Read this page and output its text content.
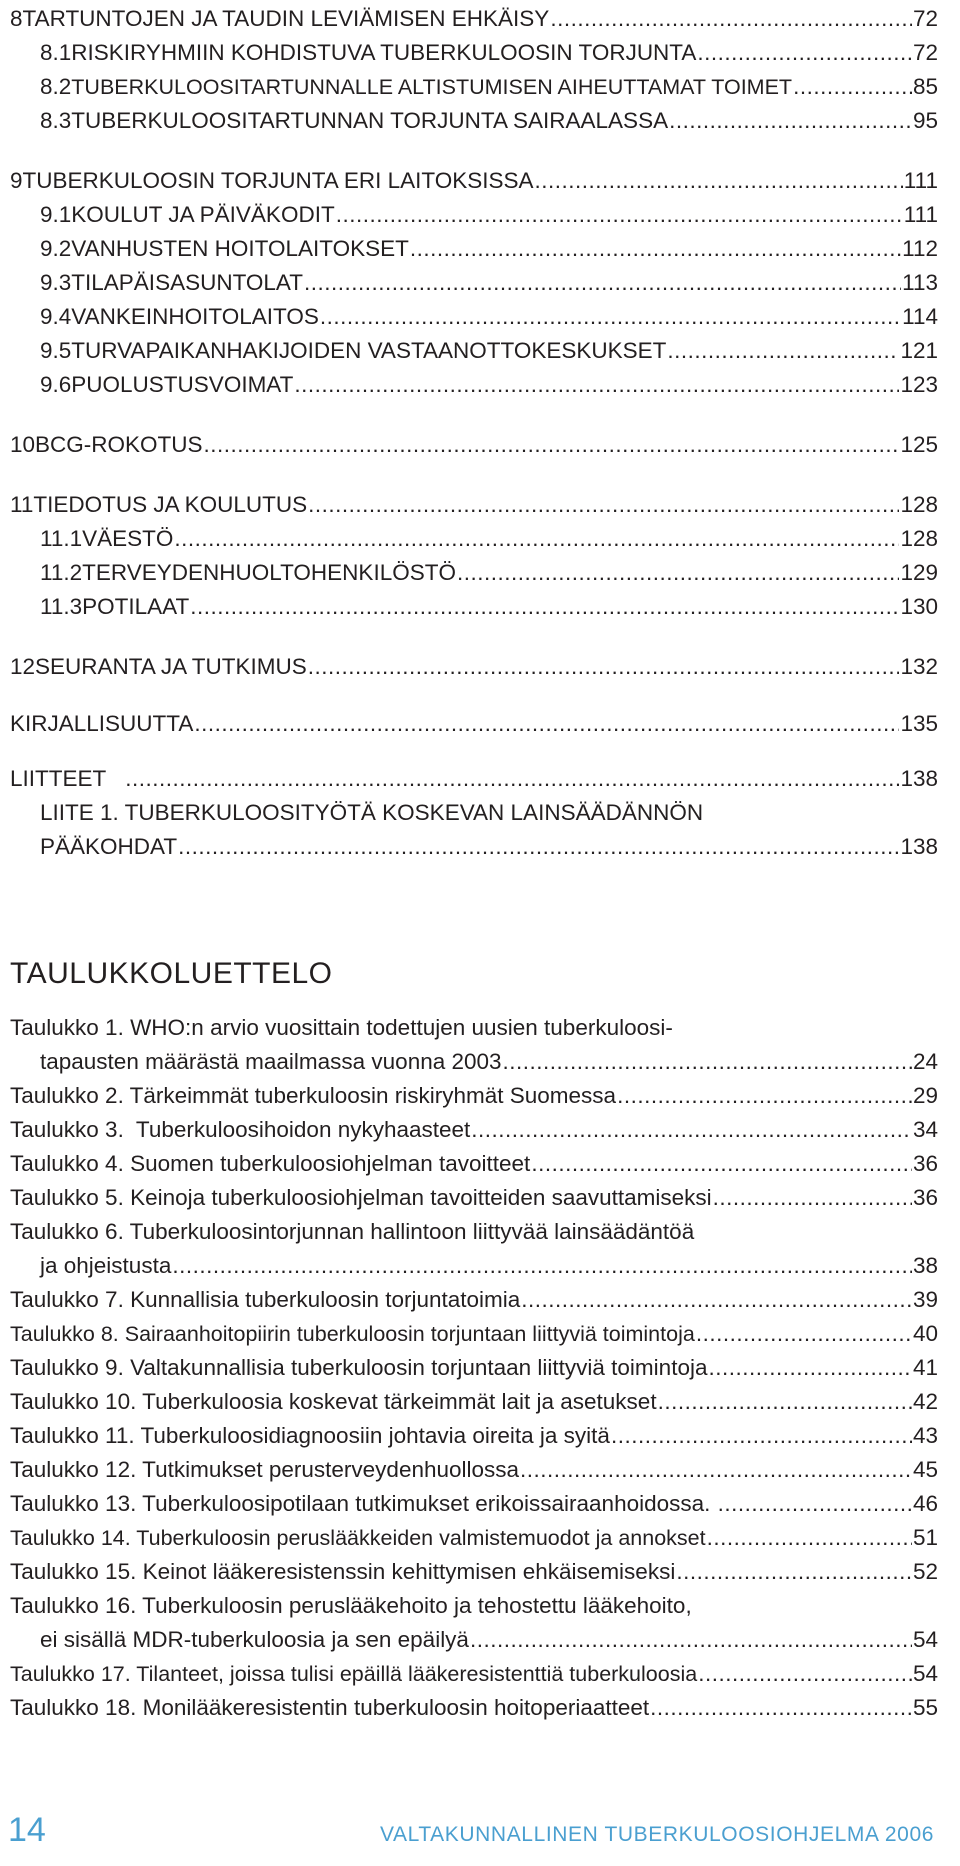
8 TARTUNTOJEN JA TAUDIN LEVIÄMISEN EHKÄISY .....	72
8.1 RISKIRYHMIIN KOHDISTUVA TUBERKULOOSIN TORJUNTA .....	72
8.2 TUBERKULOOSITARTUNNALLE ALTISTUMISEN AIHEUTTAMAT TOIMET .....	85
8.3 TUBERKULOOSITARTUNNAN TORJUNTA SAIRAALASSA .....	95
9 TUBERKULOOSIN TORJUNTA ERI LAITOKSISSA .....	111
9.1 KOULUT JA PÄIVÄKODIT .....	111
9.2 VANHUSTEN HOITOLAITOKSET .....	112
9.3 TILAPÄISASUNTOLAT .....	113
9.4 VANKEINHOITOLAITOS .....	114
9.5 TURVAPAIKANHAKIJOIDEN VASTAANOTTOKESKUKSET .....	121
9.6 PUOLUSTUSVOIMAT .....	123
10 BCG-ROKOTUS .....	125
11 TIEDOTUS JA KOULUTUS .....	128
11.1 VÄESTÖ .....	128
11.2 TERVEYDENHUOLTOHENKILÖSTÖ .....	129
11.3 POTILAAT .....	130
12 SEURANTA JA TUTKIMUS .....	132
KIRJALLISUUTTA .....	135
LIITTEET .....	138
LIITE 1. TUBERKULOOSITYÖTÄ KOSKEVAN LAINSÄÄDÄNNÖN
PÄÄKOHDAT .....	138
TAULUKKOLUETTELO
Taulukko 1. WHO:n arvio vuosittain todettujen uusien tuberkuloosi-
tapausten määrästä maailmassa vuonna 2003 .....	24
Taulukko 2. Tärkeimmät tuberkuloosin riskiryhmät Suomessa .....	29
Taulukko 3.  Tuberkuloosihoidon nykyhaasteet .....	34
Taulukko 4. Suomen tuberkuloosiohjelman tavoitteet .....	36
Taulukko 5. Keinoja tuberkuloosiohjelman tavoitteiden saavuttamiseksi .....	36
Taulukko 6. Tuberkuloosintorjunnan hallintoon liittyvää lainsäädäntöä
ja ohjeistusta .....	38
Taulukko 7. Kunnallisia tuberkuloosin torjuntatoimia .....	39
Taulukko 8. Sairaanhoitopiirin tuberkuloosin torjuntaan liittyviä toimintoja .....	40
Taulukko 9. Valtakunnallisia tuberkuloosin torjuntaan liittyviä toimintoja .....	41
Taulukko 10. Tuberkuloosia koskevat tärkeimmät lait ja asetukset .....	42
Taulukko 11. Tuberkuloosidiagnoosiin johtavia oireita ja syitä .....	43
Taulukko 12. Tutkimukset perusterveydenhuollossa .....	45
Taulukko 13. Tuberkuloosipotilaan tutkimukset erikoissairaanhoidossa. .....	46
Taulukko 14. Tuberkuloosin peruslääkkeiden valmistemuodot ja annokset .....	51
Taulukko 15. Keinot lääkeresistenssin kehittymisen ehkäisemiseksi .....	52
Taulukko 16. Tuberkuloosin peruslääkehoito ja tehostettu lääkehoito,
ei sisällä MDR-tuberkuloosia ja sen epäilyä .....	54
Taulukko 17. Tilanteet, joissa tulisi epäillä lääkeresistenttiä tuberkuloosia .....	54
Taulukko 18. Monilääkeresistentin tuberkuloosin hoitoperiaatteet .....	55
14	VALTAKUNNALLINEN TUBERKULOOSIOHJELMA 2006
